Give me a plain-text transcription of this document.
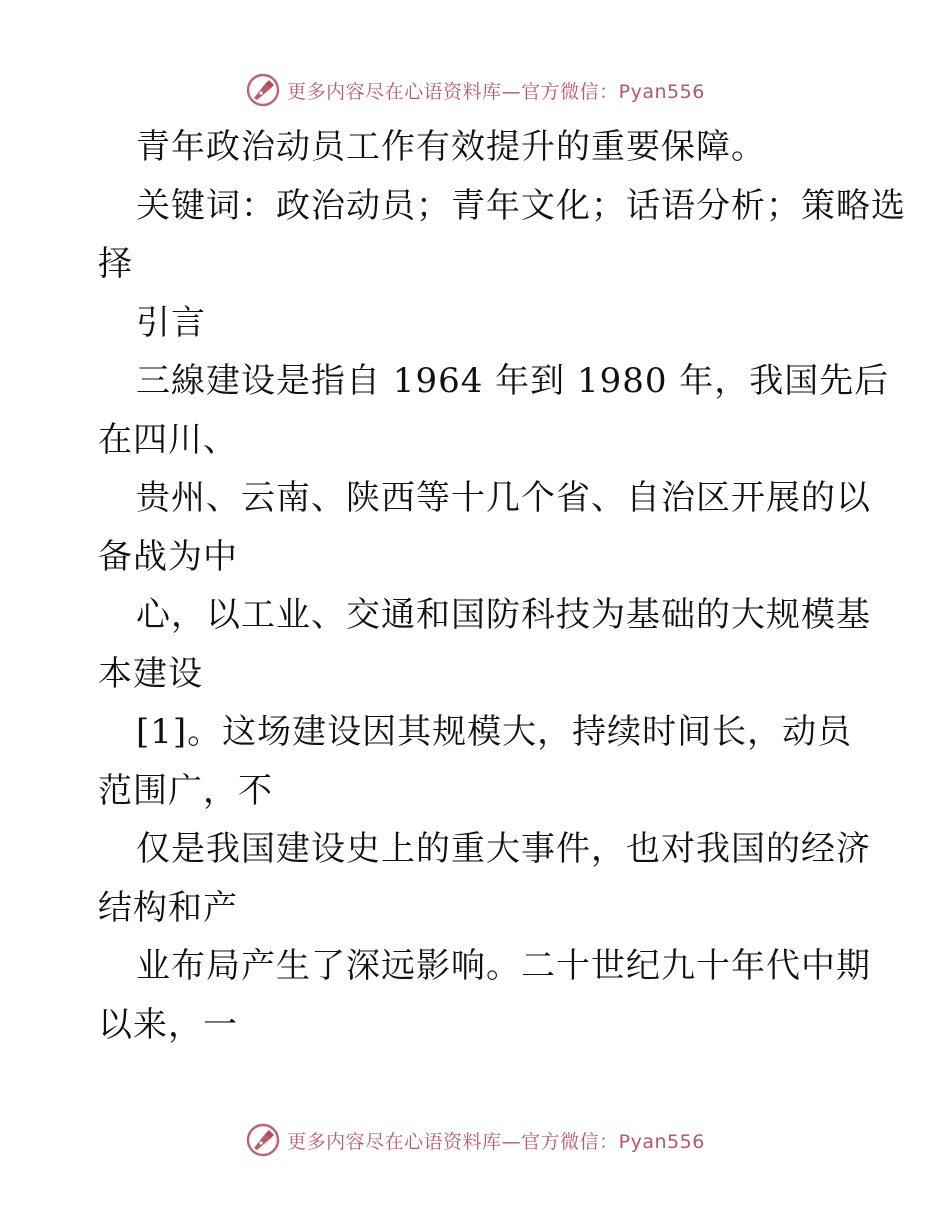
更多内容尽在心语资料库—官方微信：Pyan556
青年政治动员工作有效提升的重要保障。
关键词：政治动员；青年文化；话语分析；策略选
择
引言
三線建设是指自 1964 年到 1980 年，我国先后
在四川、
贵州、云南、陕西等十几个省、自治区开展的以
备战为中
心，以工业、交通和国防科技为基础的大规模基
本建设
[1]。这场建设因其规模大，持续时间长，动员
范围广，不
仅是我国建设史上的重大事件，也对我国的经济
结构和产
业布局产生了深远影响。二十世纪九十年代中期
以来，一
更多内容尽在心语资料库—官方微信：Pyan556
